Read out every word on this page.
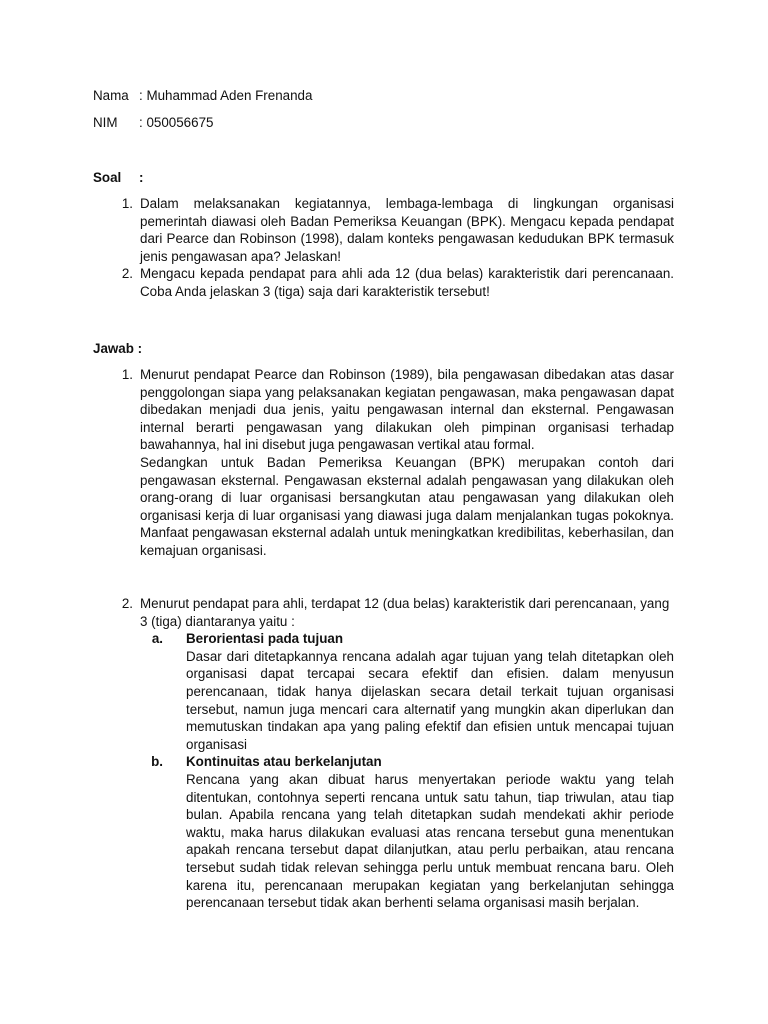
Nama : Muhammad Aden Frenanda
NIM : 050056675
Soal :
1. Dalam melaksanakan kegiatannya, lembaga-lembaga di lingkungan organisasi pemerintah diawasi oleh Badan Pemeriksa Keuangan (BPK). Mengacu kepada pendapat dari Pearce dan Robinson (1998), dalam konteks pengawasan kedudukan BPK termasuk jenis pengawasan apa? Jelaskan!
2. Mengacu kepada pendapat para ahli ada 12 (dua belas) karakteristik dari perencanaan. Coba Anda jelaskan 3 (tiga) saja dari karakteristik tersebut!
Jawab :
1. Menurut pendapat Pearce dan Robinson (1989), bila pengawasan dibedakan atas dasar penggolongan siapa yang pelaksanakan kegiatan pengawasan, maka pengawasan dapat dibedakan menjadi dua jenis, yaitu pengawasan internal dan eksternal. Pengawasan internal berarti pengawasan yang dilakukan oleh pimpinan organisasi terhadap bawahannya, hal ini disebut juga pengawasan vertikal atau formal.
Sedangkan untuk Badan Pemeriksa Keuangan (BPK) merupakan contoh dari pengawasan eksternal. Pengawasan eksternal adalah pengawasan yang dilakukan oleh orang-orang di luar organisasi bersangkutan atau pengawasan yang dilakukan oleh organisasi kerja di luar organisasi yang diawasi juga dalam menjalankan tugas pokoknya. Manfaat pengawasan eksternal adalah untuk meningkatkan kredibilitas, keberhasilan, dan kemajuan organisasi.
2. Menurut pendapat para ahli, terdapat 12 (dua belas) karakteristik dari perencanaan, yang 3 (tiga) diantaranya yaitu :
a. Berorientasi pada tujuan
Dasar dari ditetapkannya rencana adalah agar tujuan yang telah ditetapkan oleh organisasi dapat tercapai secara efektif dan efisien. dalam menyusun perencanaan, tidak hanya dijelaskan secara detail terkait tujuan organisasi tersebut, namun juga mencari cara alternatif yang mungkin akan diperlukan dan memutuskan tindakan apa yang paling efektif dan efisien untuk mencapai tujuan organisasi
b. Kontinuitas atau berkelanjutan
Rencana yang akan dibuat harus menyertakan periode waktu yang telah ditentukan, contohnya seperti rencana untuk satu tahun, tiap triwulan, atau tiap bulan. Apabila rencana yang telah ditetapkan sudah mendekati akhir periode waktu, maka harus dilakukan evaluasi atas rencana tersebut guna menentukan apakah rencana tersebut dapat dilanjutkan, atau perlu perbaikan, atau rencana tersebut sudah tidak relevan sehingga perlu untuk membuat rencana baru. Oleh karena itu, perencanaan merupakan kegiatan yang berkelanjutan sehingga perencanaan tersebut tidak akan berhenti selama organisasi masih berjalan.
